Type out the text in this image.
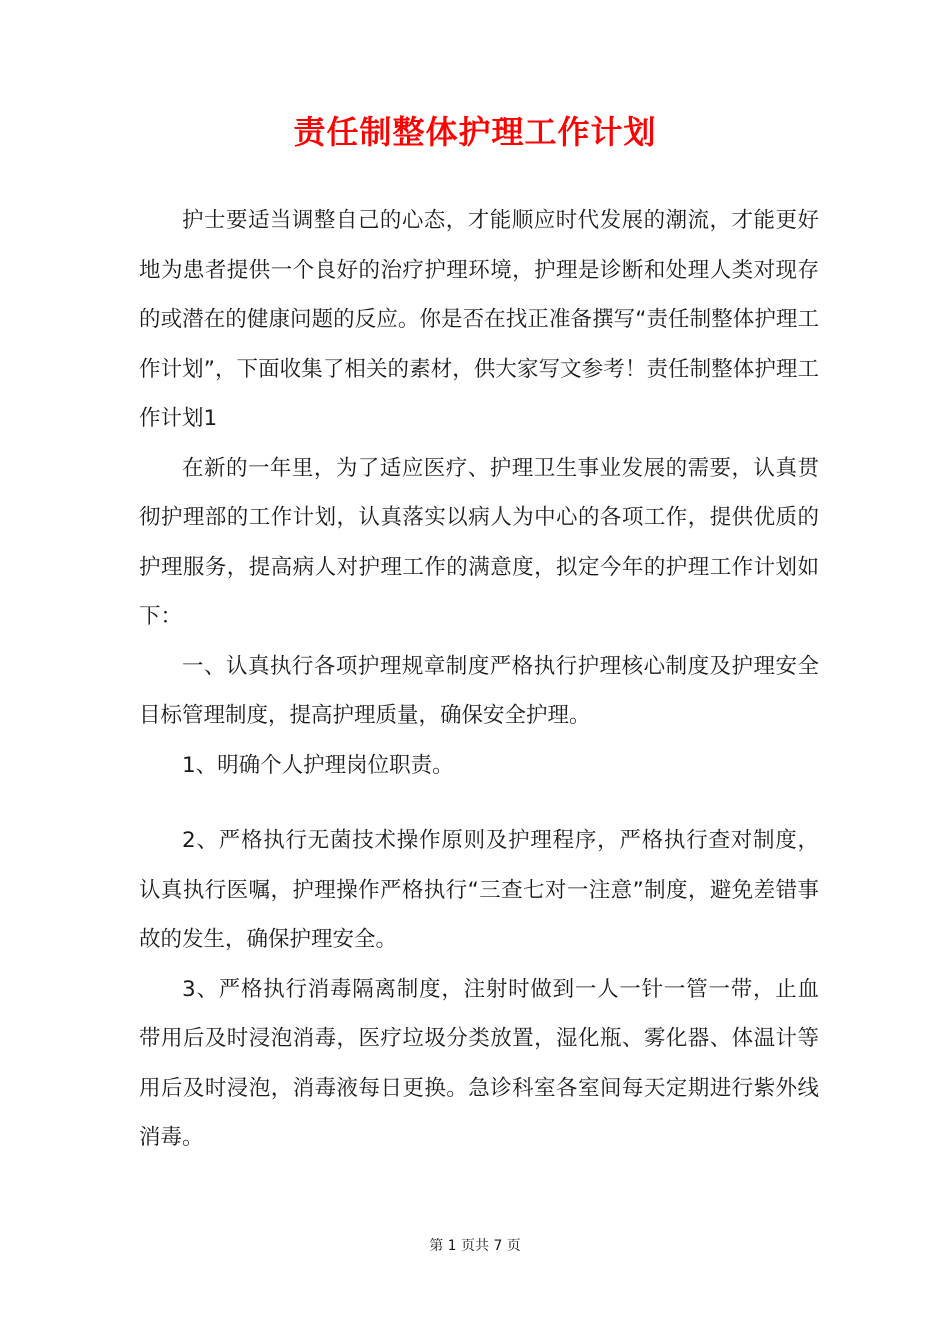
责任制整体护理工作计划

护士要适当调整自己的心态，才能顺应时代发展的潮流，才能更好地为患者提供一个良好的治疗护理环境，护理是诊断和处理人类对现存的或潜在的健康问题的反应。你是否在找正准备撰写“责任制整体护理工作计划”，下面收集了相关的素材，供大家写文参考！责任制整体护理工作计划1

在新的一年里，为了适应医疗、护理卫生事业发展的需要，认真贯彻护理部的工作计划，认真落实以病人为中心的各项工作，提供优质的护理服务，提高病人对护理工作的满意度，拟定今年的护理工作计划如下：

一、认真执行各项护理规章制度严格执行护理核心制度及护理安全目标管理制度，提高护理质量，确保安全护理。

1、明确个人护理岗位职责。

2、严格执行无菌技术操作原则及护理程序，严格执行查对制度，认真执行医嘱，护理操作严格执行“三查七对一注意”制度，避免差错事故的发生，确保护理安全。

3、严格执行消毒隔离制度，注射时做到一人一针一管一带，止血带用后及时浸泡消毒，医疗垃圾分类放置，湿化瓶、雾化器、体温计等用后及时浸泡，消毒液每日更换。急诊科室各室间每天定期进行紫外线消毒。

第 1 页共 7 页
